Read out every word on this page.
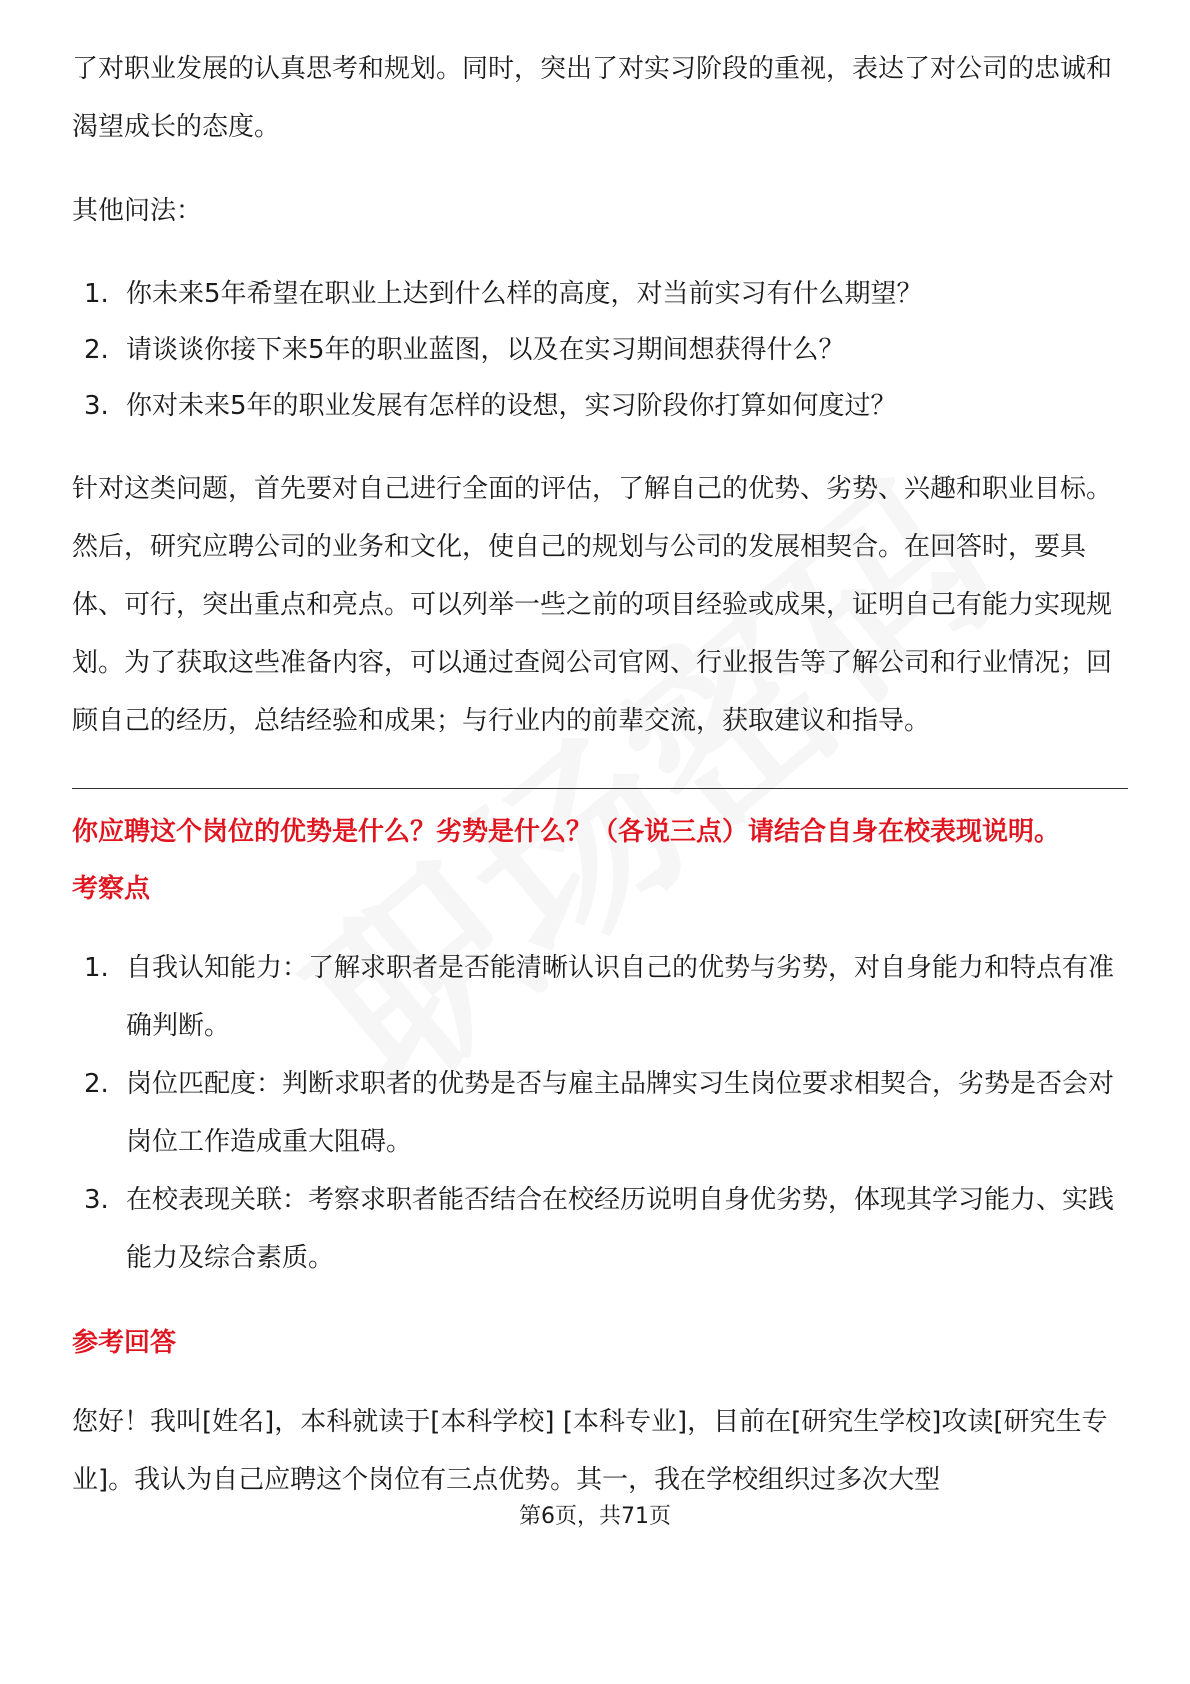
了对职业发展的认真思考和规划。同时，突出了对实习阶段的重视，表达了对公司的忠诚和渴望成长的态度。

其他问法：

1. 你未来5年希望在职业上达到什么样的高度，对当前实习有什么期望？
2. 请谈谈你接下来5年的职业蓝图，以及在实习期间想获得什么？
3. 你对未来5年的职业发展有怎样的设想，实习阶段你打算如何度过？

针对这类问题，首先要对自己进行全面的评估，了解自己的优势、劣势、兴趣和职业目标。然后，研究应聘公司的业务和文化，使自己的规划与公司的发展相契合。在回答时，要具体、可行，突出重点和亮点。可以列举一些之前的项目经验或成果，证明自己有能力实现规划。为了获取这些准备内容，可以通过查阅公司官网、行业报告等了解公司和行业情况；回顾自己的经历，总结经验和成果；与行业内的前辈交流，获取建议和指导。

你应聘这个岗位的优势是什么？劣势是什么？（各说三点）请结合自身在校表现说明。
考察点
1. 自我认知能力：了解求职者是否能清晰认识自己的优势与劣势，对自身能力和特点有准确判断。
2. 岗位匹配度：判断求职者的优势是否与雇主品牌实习生岗位要求相契合，劣势是否会对岗位工作造成重大阻碍。
3. 在校表现关联：考察求职者能否结合在校经历说明自身优劣势，体现其学习能力、实践能力及综合素质。
参考回答

您好！我叫[姓名]，本科就读于[本科学校] [本科专业]，目前在[研究生学校]攻读[研究生专业]。我认为自己应聘这个岗位有三点优势。其一，我在学校组织过多次大型

第6页，共71页
